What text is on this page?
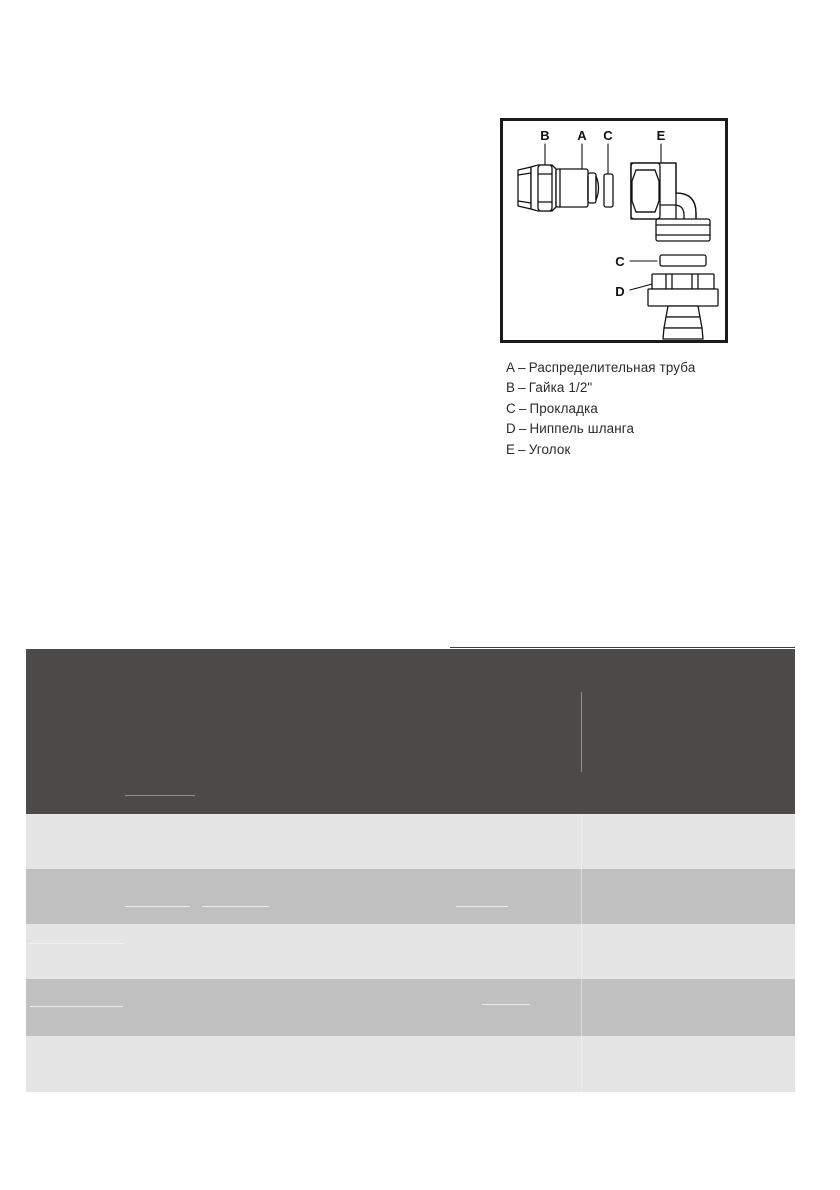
B A C	E
C
D
A – Распределительная труба
B – Гайка 1/2"
C – Прокладка
D – Ниппель шланга
E – Уголок
